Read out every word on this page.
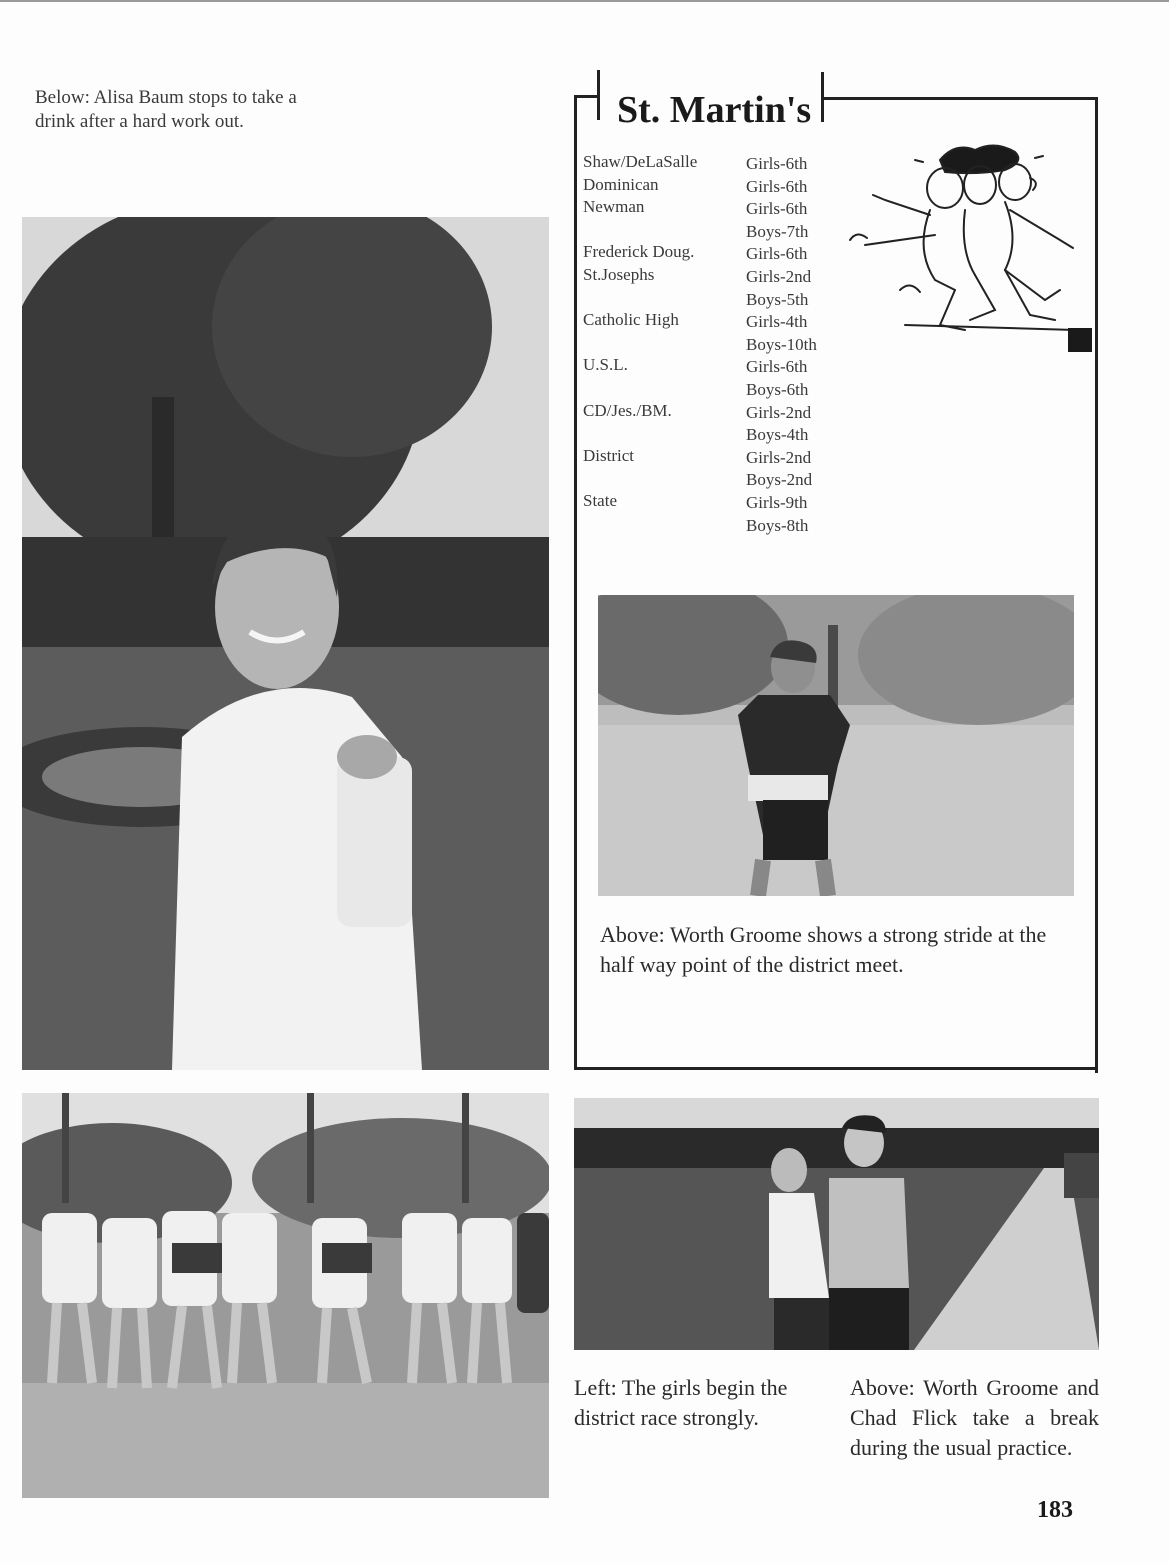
Below: Alisa Baum stops to take a drink after a hard work out.	St. Martin's
Shaw/DeLaSalle
Dominican
Newman
Frederick Doug.
St.Josephs
Catholic High
U.S.L.
CD/Jes./BM.
District
State
Girls-6th
Girls-6th
Girls-6th
Boys-7th
Girls-6th
Girls-2nd
Boys-5th
Girls-4th
Boys-10th
Girls-6th
Boys-6th
Girls-2nd
Boys-4th
Girls-2nd
Boys-2nd
Girls-9th
Boys-8th
Above: Worth Groome shows a strong stride at the half way point of the district meet.
Left: The girls begin the district race strongly.
Above: Worth Groome and Chad Flick take a break during the usual practice.
183
